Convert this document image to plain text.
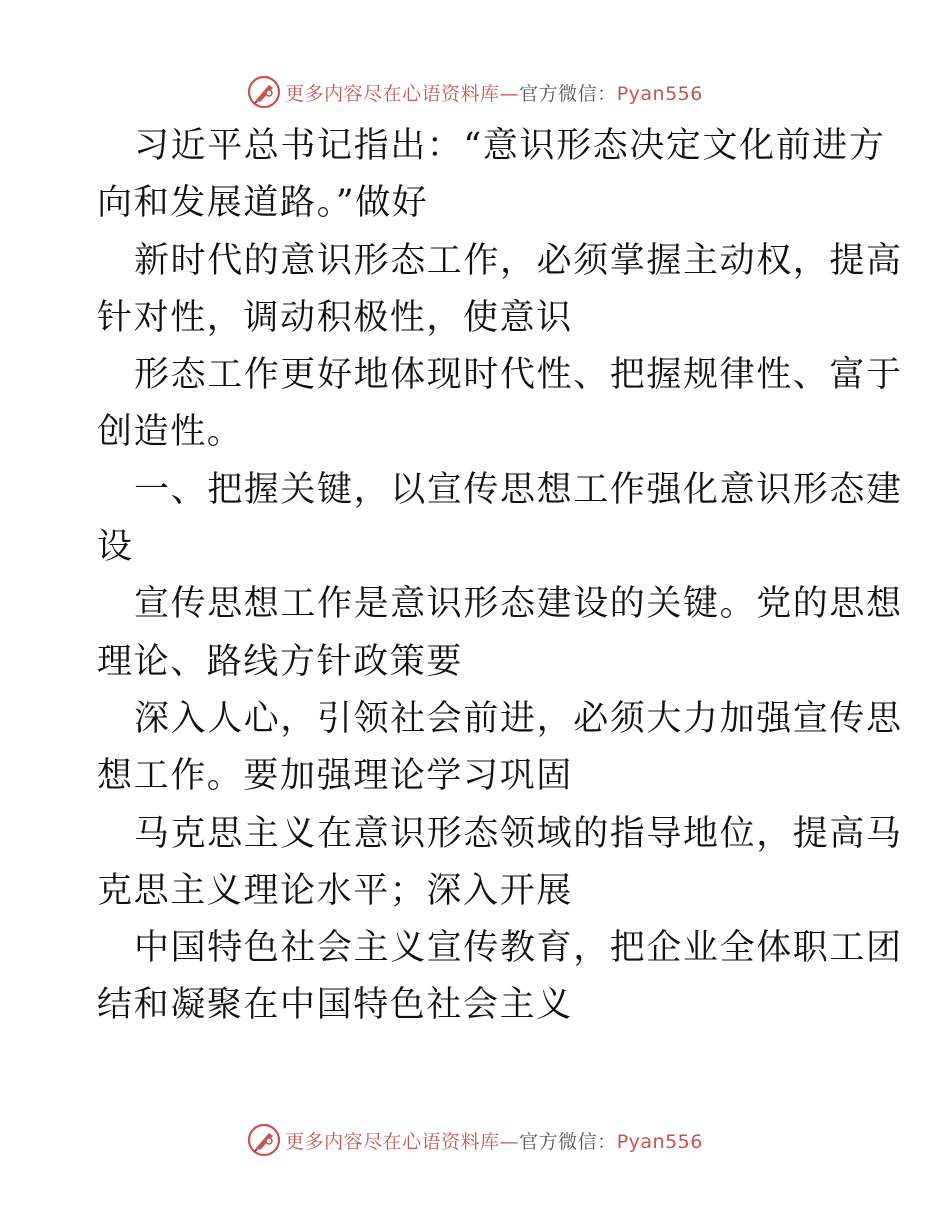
更多内容尽在心语资料库—官方微信：Pyan556

习近平总书记指出：“意识形态决定文化前进方
向和发展道路。”做好

新时代的意识形态工作，必须掌握主动权，提高
针对性，调动积极性，使意识

形态工作更好地体现时代性、把握规律性、富于
创造性。

一、把握关键，以宣传思想工作强化意识形态建
设

宣传思想工作是意识形态建设的关键。党的思想
理论、路线方针政策要

深入人心，引领社会前进，必须大力加强宣传思
想工作。要加强理论学习巩固

马克思主义在意识形态领域的指导地位，提高马
克思主义理论水平；深入开展

中国特色社会主义宣传教育，把企业全体职工团
结和凝聚在中国特色社会主义

更多内容尽在心语资料库—官方微信：Pyan556
